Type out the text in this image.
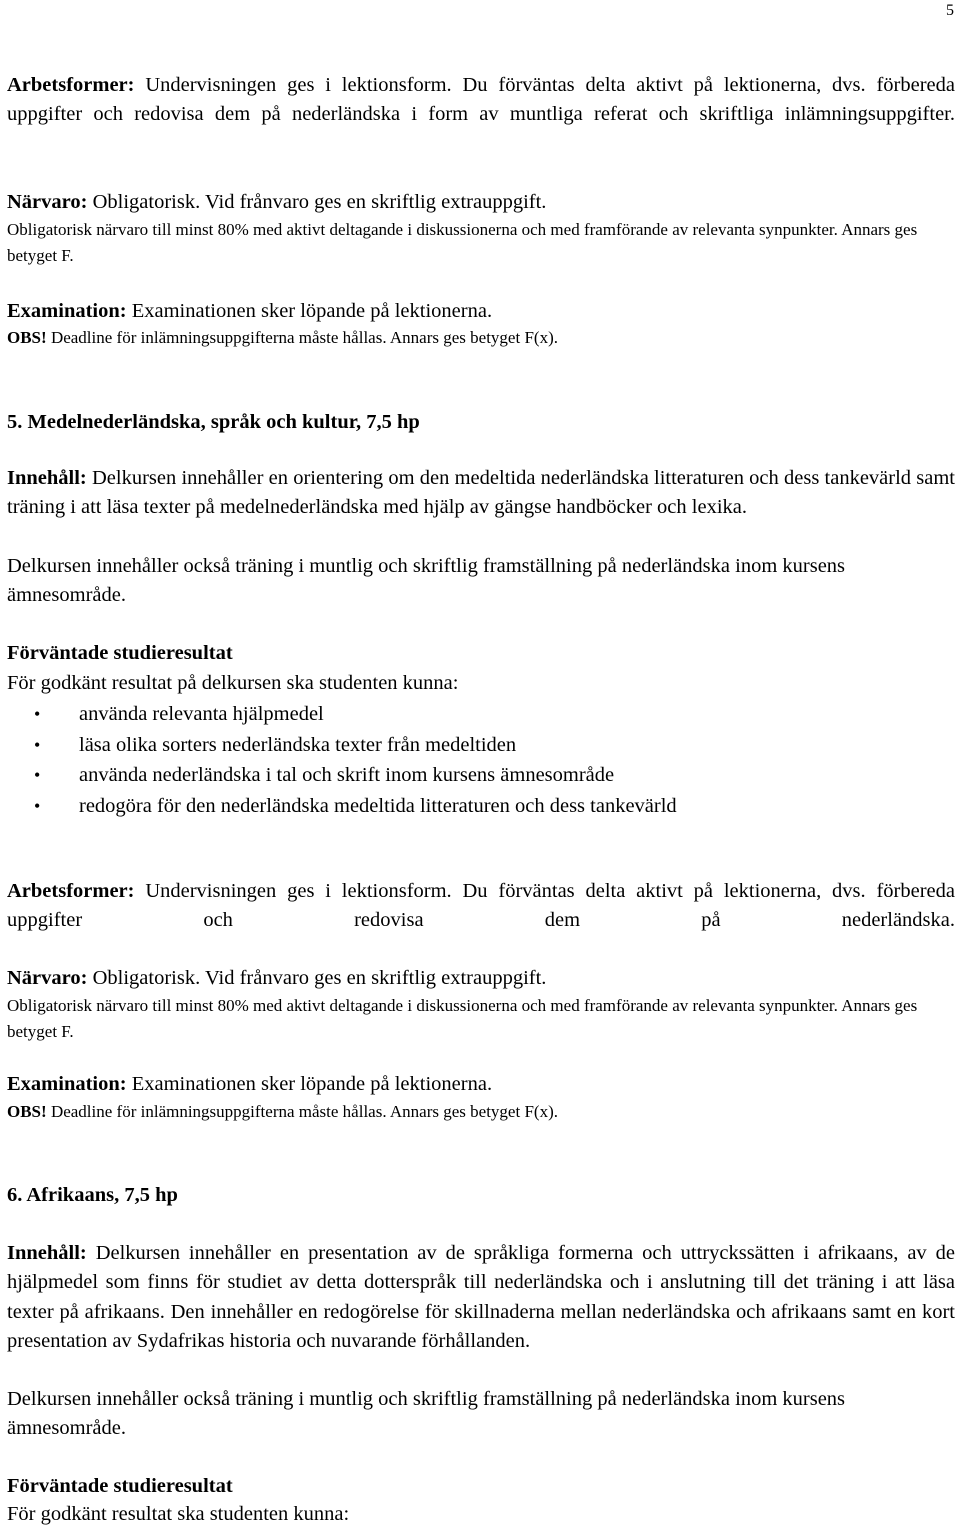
5
Arbetsformer: Undervisningen ges i lektionsform. Du förväntas delta aktivt på lektionerna, dvs. förbereda uppgifter och redovisa dem på nederländska i form av muntliga referat och skriftliga inlämningsuppgifter.
Närvaro: Obligatorisk. Vid frånvaro ges en skriftlig extrauppgift.
Obligatorisk närvaro till minst 80% med aktivt deltagande i diskussionerna och med framförande av relevanta synpunkter. Annars ges betyget F.
Examination: Examinationen sker löpande på lektionerna.
OBS! Deadline för inlämningsuppgifterna måste hållas. Annars ges betyget F(x).
5. Medelnederländska, språk och kultur, 7,5 hp
Innehåll: Delkursen innehåller en orientering om den medeltida nederländska litteraturen och dess tankevärld samt träning i att läsa texter på medelnederländska med hjälp av gängse handböcker och lexika.
Delkursen innehåller också träning i muntlig och skriftlig framställning på nederländska inom kursens ämnesområde.
Förväntade studieresultat
För godkänt resultat på delkursen ska studenten kunna:
• använda relevanta hjälpmedel
• läsa olika sorters nederländska texter från medeltiden
• använda nederländska i tal och skrift inom kursens ämnesområde
• redogöra för den nederländska medeltida litteraturen och dess tankevärld
Arbetsformer: Undervisningen ges i lektionsform. Du förväntas delta aktivt på lektionerna, dvs. förbereda uppgifter och redovisa dem på nederländska.
Närvaro: Obligatorisk. Vid frånvaro ges en skriftlig extrauppgift.
Obligatorisk närvaro till minst 80% med aktivt deltagande i diskussionerna och med framförande av relevanta synpunkter. Annars ges betyget F.
Examination: Examinationen sker löpande på lektionerna.
OBS! Deadline för inlämningsuppgifterna måste hållas. Annars ges betyget F(x).
6. Afrikaans, 7,5 hp
Innehåll: Delkursen innehåller en presentation av de språkliga formerna och uttryckssätten i afrikaans, av de hjälpmedel som finns för studiet av detta dotterspråk till nederländska och i anslutning till det träning i att läsa texter på afrikaans. Den innehåller en redogörelse för skillnaderna mellan nederländska och afrikaans samt en kort presentation av Sydafrikas historia och nuvarande förhållanden.
Delkursen innehåller också träning i muntlig och skriftlig framställning på nederländska inom kursens ämnesområde.
Förväntade studieresultat
För godkänt resultat ska studenten kunna:
